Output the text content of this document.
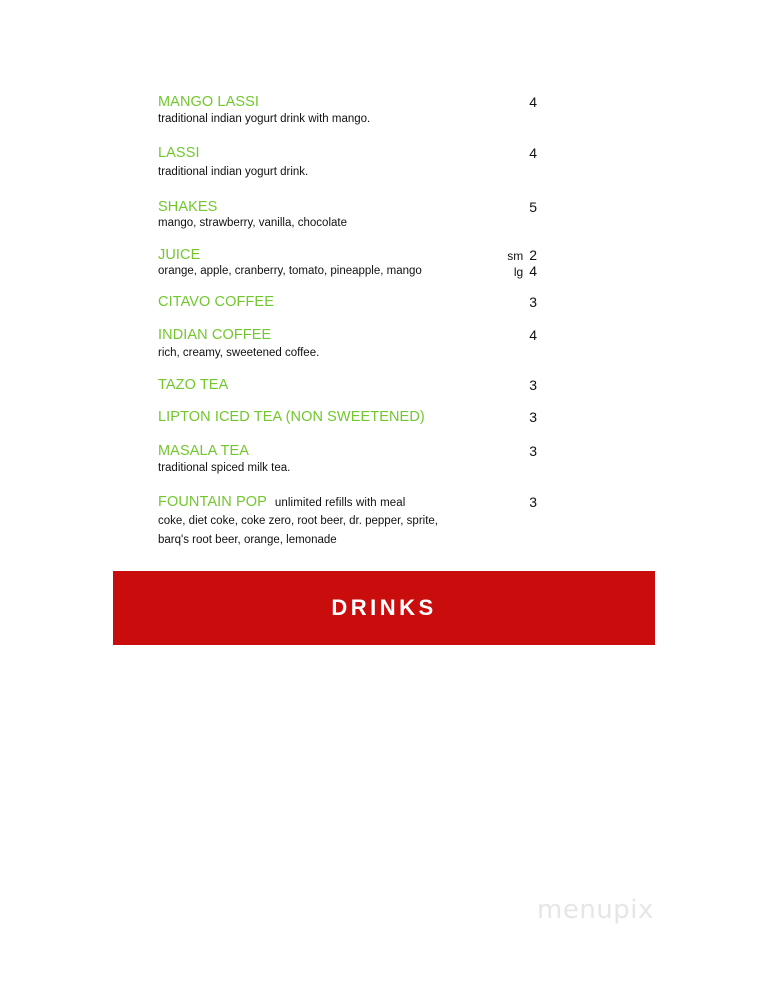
MANGO LASSI	4
traditional indian yogurt drink with mango.
LASSI	4
traditional indian yogurt drink.
SHAKES	5
mango, strawberry, vanilla, chocolate
JUICE
orange, apple, cranberry, tomato, pineapple, mango
sm 2
lg 4
CITAVO COFFEE	3
INDIAN COFFEE	4
rich, creamy, sweetened coffee.
TAZO TEA	3
LIPTON ICED TEA (NON SWEETENED)	3
MASALA TEA	3
traditional spiced milk tea.
FOUNTAIN POP unlimited refills with meal	3
coke, diet coke, coke zero, root beer, dr. pepper, sprite,
barq's root beer, orange, lemonade
DRINKS
menupix
